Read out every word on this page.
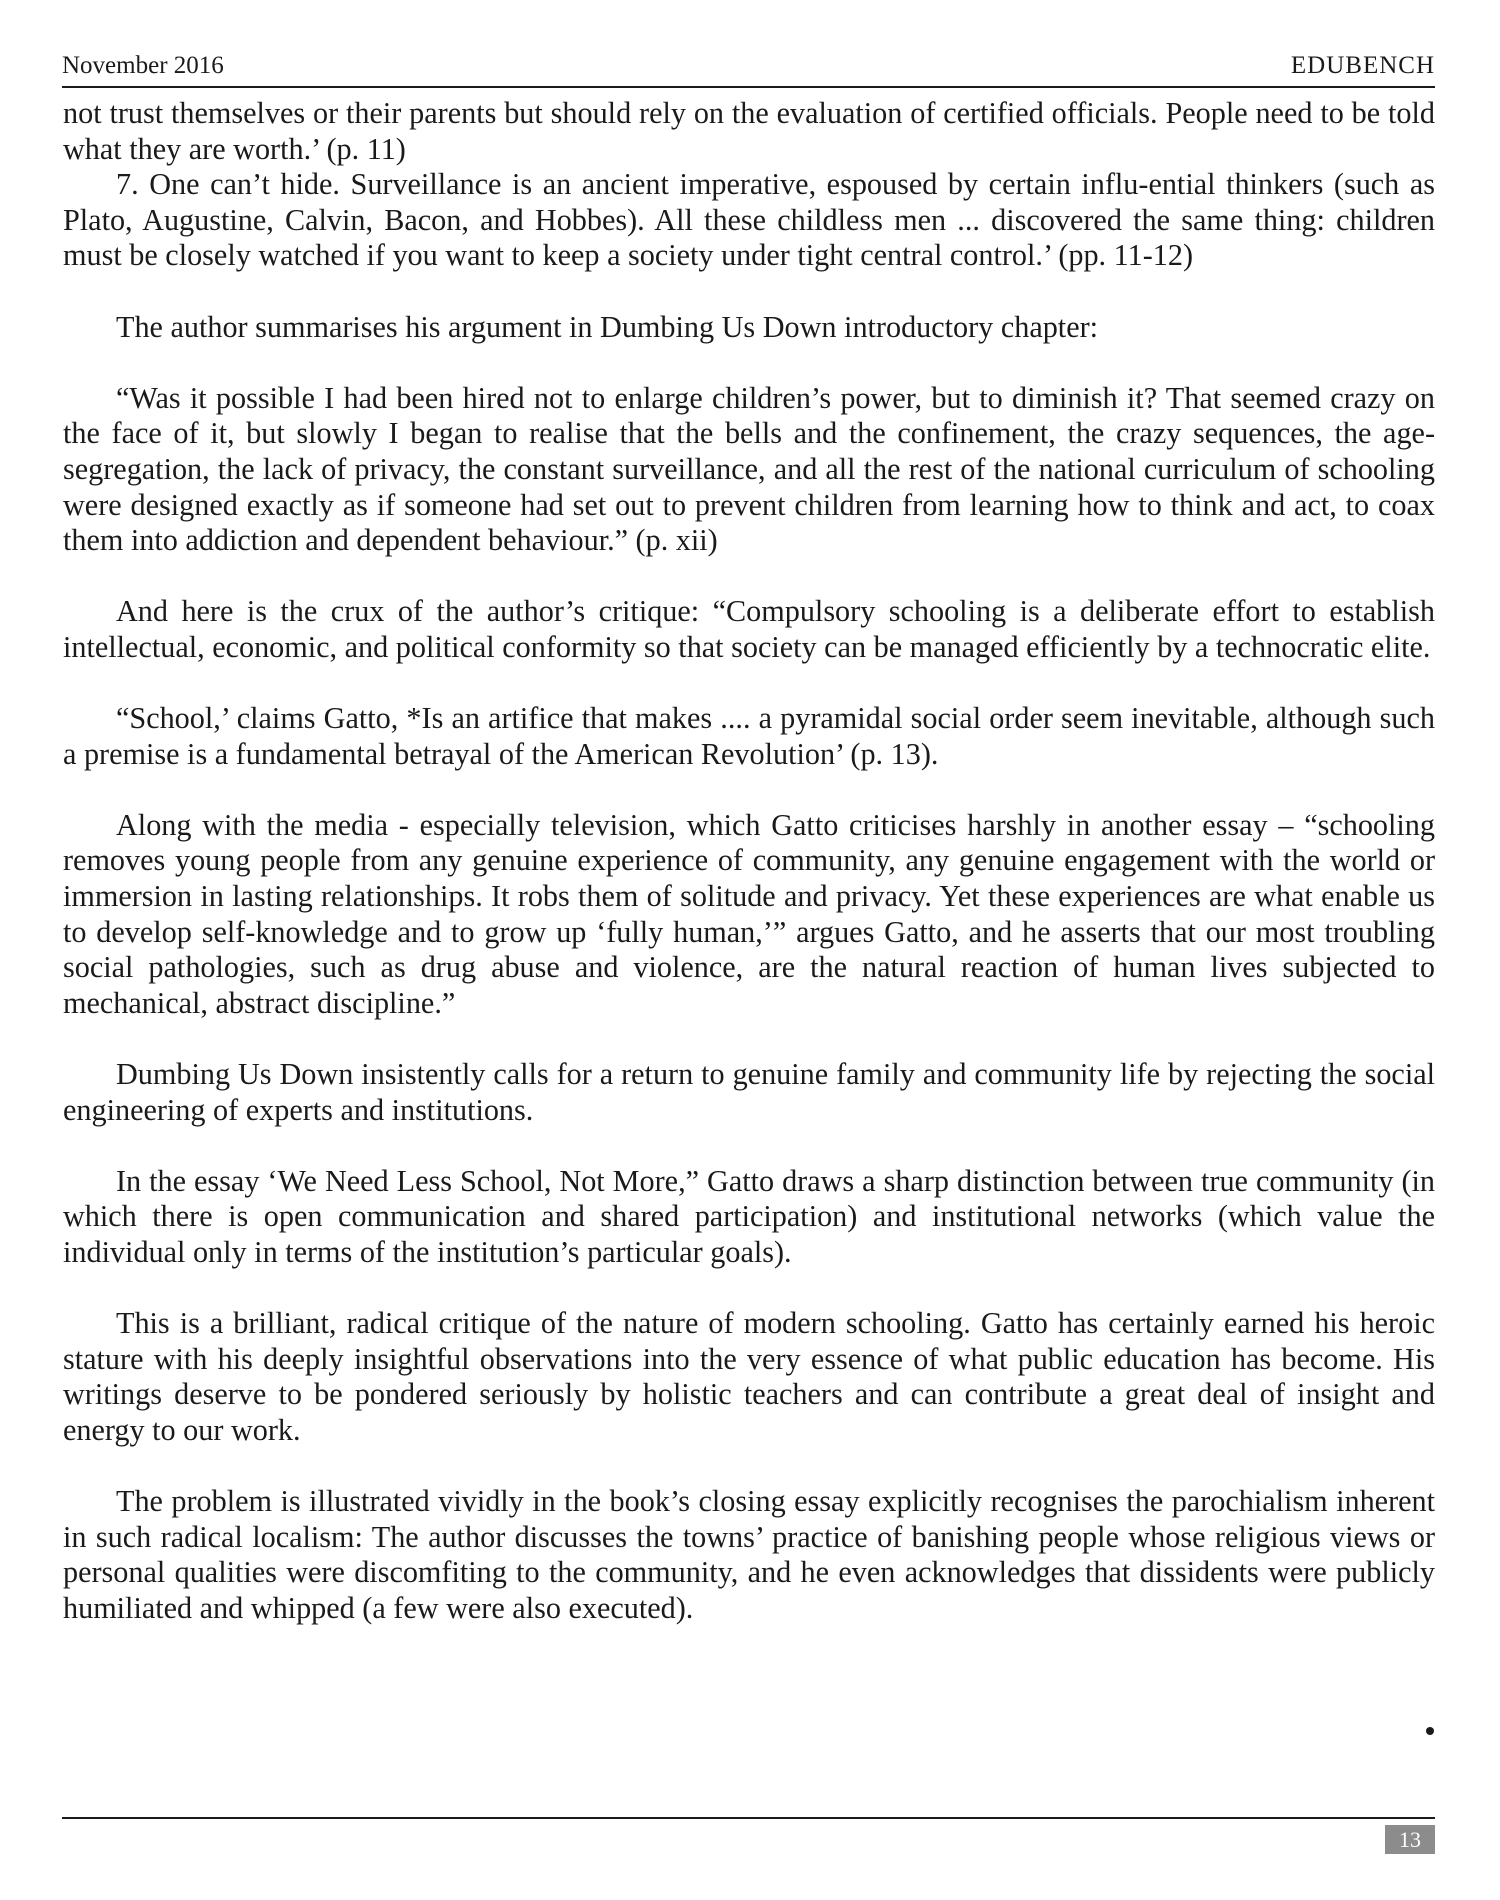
November 2016	EDUBENCH

not trust themselves or their parents but should rely on the evaluation of certified officials. People need to be told what they are worth.’ (p. 11)

7. One can’t hide. Surveillance is an ancient imperative, espoused by certain influ-ential thinkers (such as Plato, Augustine, Calvin, Bacon, and Hobbes). All these childless men ... discovered the same thing: children must be closely watched if you want to keep a society under tight central control.’ (pp. 11-12)

The author summarises his argument in Dumbing Us Down introductory chapter:

“Was it possible I had been hired not to enlarge children’s power, but to diminish it? That seemed crazy on the face of it, but slowly I began to realise that the bells and the confinement, the crazy sequences, the age-segregation, the lack of privacy, the constant surveillance, and all the rest of the national curriculum of schooling were designed exactly as if someone had set out to prevent children from learning how to think and act, to coax them into addiction and dependent behaviour.” (p. xii)

And here is the crux of the author’s critique: “Compulsory schooling is a deliberate effort to establish intellectual, economic, and political conformity so that society can be managed efficiently by a technocratic elite.

“School,’ claims Gatto, *Is an artifice that makes .... a pyramidal social order seem inevitable, although such a premise is a fundamental betrayal of the American Revolution’ (p. 13).

Along with the media - especially television, which Gatto criticises harshly in another essay – “schooling removes young people from any genuine experience of community, any genuine engagement with the world or immersion in lasting relationships. It robs them of solitude and privacy. Yet these experiences are what enable us to develop self-knowledge and to grow up ‘fully human,’” argues Gatto, and he asserts that our most troubling social pathologies, such as drug abuse and violence, are the natural reaction of human lives subjected to mechanical, abstract discipline.”

Dumbing Us Down insistently calls for a return to genuine family and community life by rejecting the social engineering of experts and institutions.

In the essay ‘We Need Less School, Not More,” Gatto draws a sharp distinction between true community (in which there is open communication and shared participation) and institutional networks (which value the individual only in terms of the institution’s particular goals).

This is a brilliant, radical critique of the nature of modern schooling. Gatto has certainly earned his heroic stature with his deeply insightful observations into the very essence of what public education has become. His writings deserve to be pondered seriously by holistic teachers and can contribute a great deal of insight and energy to our work.

The problem is illustrated vividly in the book’s closing essay explicitly recognises the parochialism inherent in such radical localism: The author discusses the towns’ practice of banishing people whose religious views or personal qualities were discomfiting to the community, and he even acknowledges that dissidents were publicly humiliated and whipped (a few were also executed).

13
